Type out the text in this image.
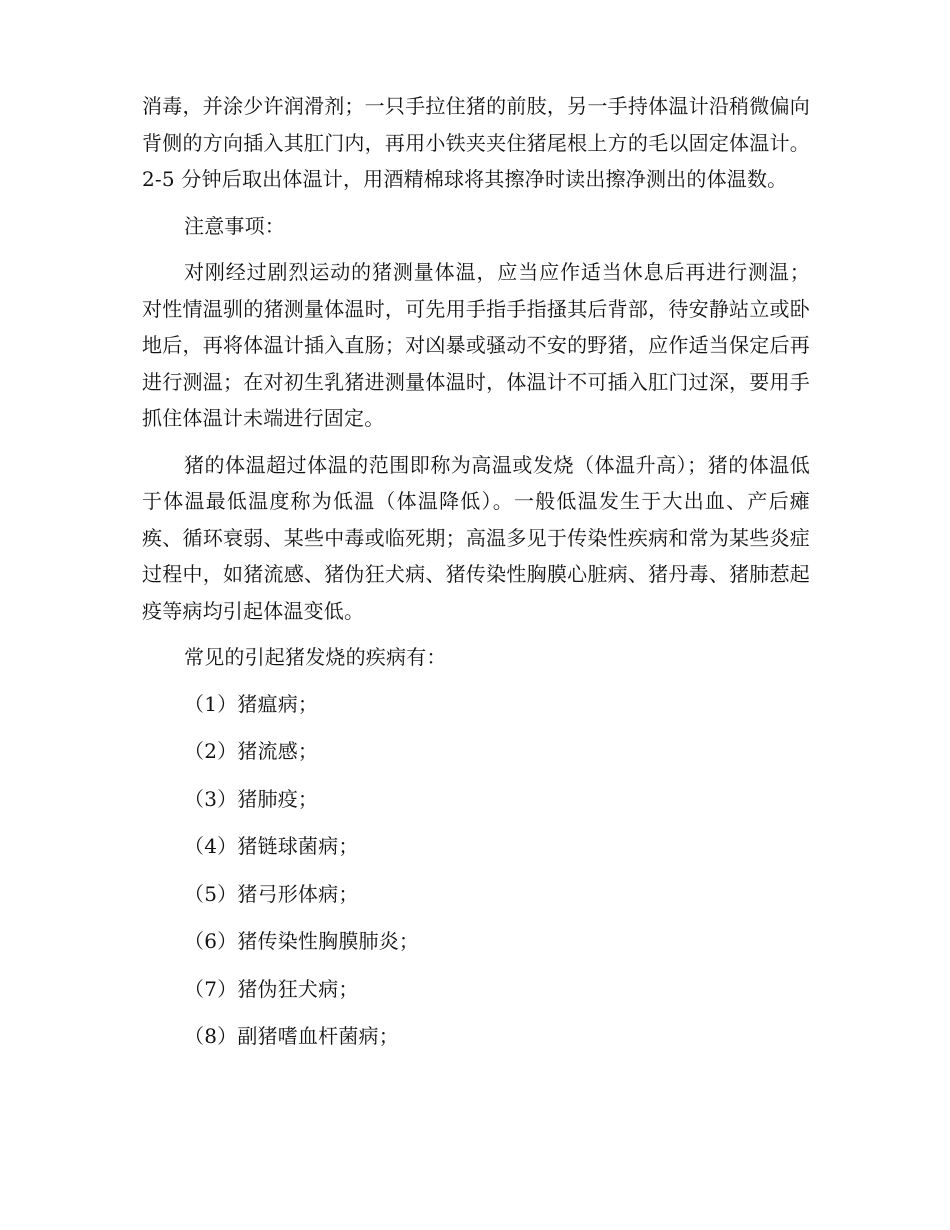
消毒，并涂少许润滑剂；一只手拉住猪的前肢，另一手持体温计沿稍微偏向背侧的方向插入其肛门内，再用小铁夹夹住猪尾根上方的毛以固定体温计。2-5 分钟后取出体温计，用酒精棉球将其擦净时读出擦净测出的体温数。

注意事项：

对刚经过剧烈运动的猪测量体温，应当应作适当休息后再进行测温；对性情温驯的猪测量体温时，可先用手指手指搔其后背部，待安静站立或卧地后，再将体温计插入直肠；对凶暴或骚动不安的野猪，应作适当保定后再进行测温；在对初生乳猪进测量体温时，体温计不可插入肛门过深，要用手抓住体温计未端进行固定。

猪的体温超过体温的范围即称为高温或发烧（体温升高）；猪的体温低于体温最低温度称为低温（体温降低）。一般低温发生于大出血、产后瘫痪、循环衰弱、某些中毒或临死期；高温多见于传染性疾病和常为某些炎症过程中，如猪流感、猪伪狂犬病、猪传染性胸膜心脏病、猪丹毒、猪肺惹起疫等病均引起体温变低。

常见的引起猪发烧的疾病有：

（1）猪瘟病；

（2）猪流感；

（3）猪肺疫；

（4）猪链球菌病；

（5）猪弓形体病；

（6）猪传染性胸膜肺炎；

（7）猪伪狂犬病；

（8）副猪嗜血杆菌病；
